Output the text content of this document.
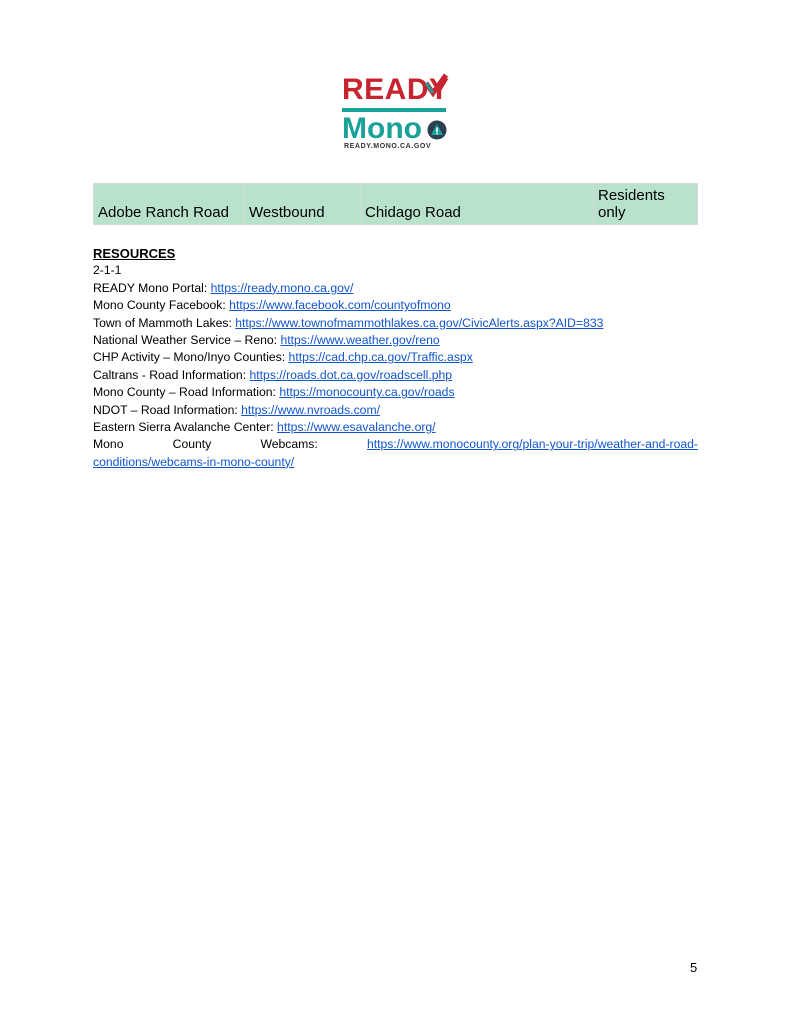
READY
Mono
READY.MONO.CA.GOV
Adobe Ranch Road	Westbound	Chidago Road	Residents
only
RESOURCES
2-1-1
READY Mono Portal: https://ready.mono.ca.gov/
Mono County Facebook: https://www.facebook.com/countyofmono
Town of Mammoth Lakes: https://www.townofmammothlakes.ca.gov/CivicAlerts.aspx?AID=833
National Weather Service – Reno: https://www.weather.gov/reno
CHP Activity – Mono/Inyo Counties: https://cad.chp.ca.gov/Traffic.aspx
Caltrans - Road Information: https://roads.dot.ca.gov/roadscell.php
Mono County – Road Information: https://monocounty.ca.gov/roads
NDOT – Road Information: https://www.nvroads.com/
Eastern Sierra Avalanche Center: https://www.esavalanche.org/
Mono	County	Webcams:	https://www.monocounty.org/plan-your-trip/weather-and-road-
conditions/webcams-in-mono-county/
5
